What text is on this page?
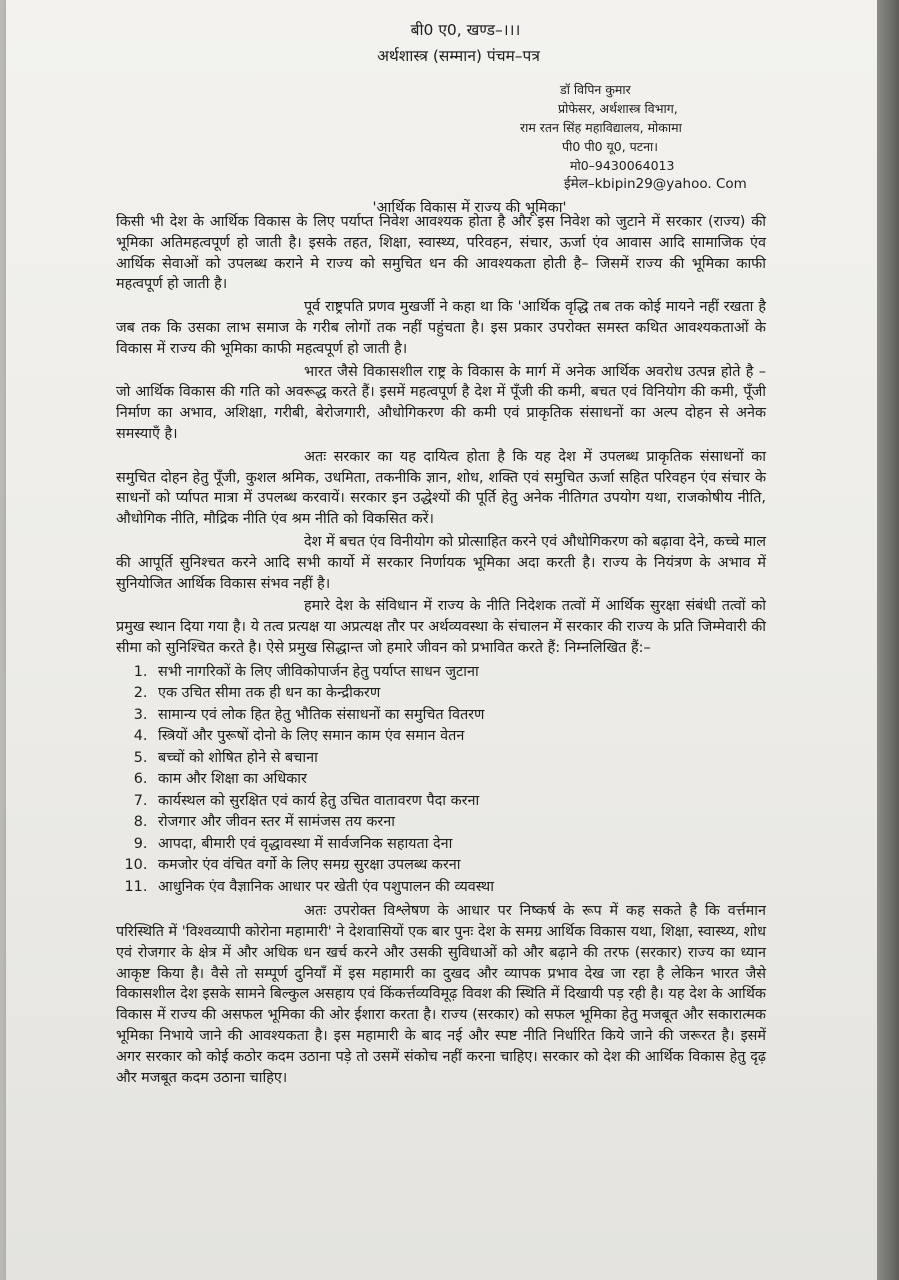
बी0 ए0, खण्ड–।।।
अर्थशास्त्र (सम्मान) पंचम–पत्र
डॉ विपिन कुमार
प्रोफेसर, अर्थशास्त्र विभाग,
राम रतन सिंह महाविद्यालय, मोकामा
पी0 पी0 यू0, पटना।
मो0–9430064013
ईमेल–kbipin29@yahoo. Com
'आर्थिक विकास में राज्य की भूमिका'

किसी भी देश के आर्थिक विकास के लिए पर्याप्त निवेश आवश्यक होता है और इस निवेश को जुटाने में सरकार (राज्य) की भूमिका अतिमहत्वपूर्ण हो जाती है। इसके तहत, शिक्षा, स्वास्थ्य, परिवहन, संचार, ऊर्जा एंव आवास आदि सामाजिक एंव आर्थिक सेवाओं को उपलब्ध कराने मे राज्य को समुचित धन की आवश्यकता होती है– जिसमें राज्य की भूमिका काफी महत्वपूर्ण हो जाती है।

पूर्व राष्ट्रपति प्रणव मुखर्जी ने कहा था कि 'आर्थिक वृद्धि तब तक कोई मायने नहीं रखता है जब तक कि उसका लाभ समाज के गरीब लोगों तक नहीं पहुंचता है। इस प्रकार उपरोक्त समस्त कथित आवश्यकताओं के विकास में राज्य की भूमिका काफी महत्वपूर्ण हो जाती है।

भारत जैसे विकासशील राष्ट्र के विकास के मार्ग में अनेक आर्थिक अवरोध उत्पन्न होते है –जो आर्थिक विकास की गति को अवरूद्ध करते हैं। इसमें महत्वपूर्ण है देश में पूँजी की कमी, बचत एवं विनियोग की कमी, पूँजी निर्माण का अभाव, अशिक्षा, गरीबी, बेरोजगारी, औधोगिकरण की कमी एवं प्राकृतिक संसाधनों का अल्प दोहन से अनेक समस्याएँ है।

अतः सरकार का यह दायित्व होता है कि यह देश में उपलब्ध प्राकृतिक संसाधनों का समुचित दोहन हेतु पूँजी, कुशल श्रमिक, उधमिता, तकनीकि ज्ञान, शोध, शक्ति एवं समुचित ऊर्जा सहित परिवहन एंव संचार के साधनों को र्प्यापत मात्रा में उपलब्ध करवायें। सरकार इन उद्धेश्यों की पूर्ति हेतु अनेक नीतिगत उपयोग यथा, राजकोषीय नीति, औधोगिक नीति, मौद्रिक नीति एंव श्रम नीति को विकसित करें।

देश में बचत एंव विनीयोग को प्रोत्साहित करने एवं औधोगिकरण को बढ़ावा देने, कच्चे माल की आपूर्ति सुनिश्चत करने आदि सभी कार्यो में सरकार निर्णायक भूमिका अदा करती है। राज्य के नियंत्रण के अभाव में सुनियोजित आर्थिक विकास संभव नहीं है।

हमारे देश के संविधान में राज्य के नीति निदेशक तत्वों में आर्थिक सुरक्षा संबंधी तत्वों को प्रमुख स्थान दिया गया है। ये तत्व प्रत्यक्ष या अप्रत्यक्ष तौर पर अर्थव्यवस्था के संचालन में सरकार की राज्य के प्रति जिम्मेवारी की सीमा को सुनिश्चित करते है। ऐसे प्रमुख सिद्धान्त जो हमारे जीवन को प्रभावित करते हैं: निम्नलिखित हैं:–

1. सभी नागरिकों के लिए जीविकोपार्जन हेतु पर्याप्त साधन जुटाना
2. एक उचित सीमा तक ही धन का केन्द्रीकरण
3. सामान्य एवं लोक हित हेतु भौतिक संसाधनों का समुचित वितरण
4. स्त्रियों और पुरूषों दोनो के लिए समान काम एंव समान वेतन
5. बच्चों को शोषित होने से बचाना
6. काम और शिक्षा का अधिकार
7. कार्यस्थल को सुरक्षित एवं कार्य हेतु उचित वातावरण पैदा करना
8. रोजगार और जीवन स्तर में सामंजस तय करना
9. आपदा, बीमारी एवं वृद्धावस्था में सार्वजनिक सहायता देना
10. कमजोर एंव वंचित वर्गो के लिए समग्र सुरक्षा उपलब्ध करना
11. आधुनिक एंव वैज्ञानिक आधार पर खेती एंव पशुपालन की व्यवस्था

अतः उपरोक्त विश्लेषण के आधार पर निष्कर्ष के रूप में कह सकते है कि वर्त्तमान परिस्थिति में 'विश्वव्यापी कोरोना महामारी' ने देशवासियों एक बार पुनः देश के समग्र आर्थिक विकास यथा, शिक्षा, स्वास्थ्य, शोध एवं रोजगार के क्षेत्र में और अधिक धन खर्च करने और उसकी सुविधाओं को और बढ़ाने की तरफ (सरकार) राज्य का ध्यान आकृष्ट किया है। वैसे तो सम्पूर्ण दुनियाँ में इस महामारी का दुखद और व्यापक प्रभाव देख जा रहा है लेकिन भारत जैसे विकासशील देश इसके सामने बिल्कुल असहाय एवं किंकर्त्तव्यविमूढ़ विवश की स्थिति में दिखायी पड़ रही है। यह देश के आर्थिक विकास में राज्य की असफल भूमिका की ओर ईशारा करता है। राज्य (सरकार) को सफल भूमिका हेतु मजबूत और सकारात्मक भूमिका निभाये जाने की आवश्यकता है। इस महामारी के बाद नई और स्पष्ट नीति निर्धारित किये जाने की जरूरत है। इसमें अगर सरकार को कोई कठोर कदम उठाना पड़े तो उसमें संकोच नहीं करना चाहिए। सरकार को देश की आर्थिक विकास हेतु दृढ़ और मजबूत कदम उठाना चाहिए।
